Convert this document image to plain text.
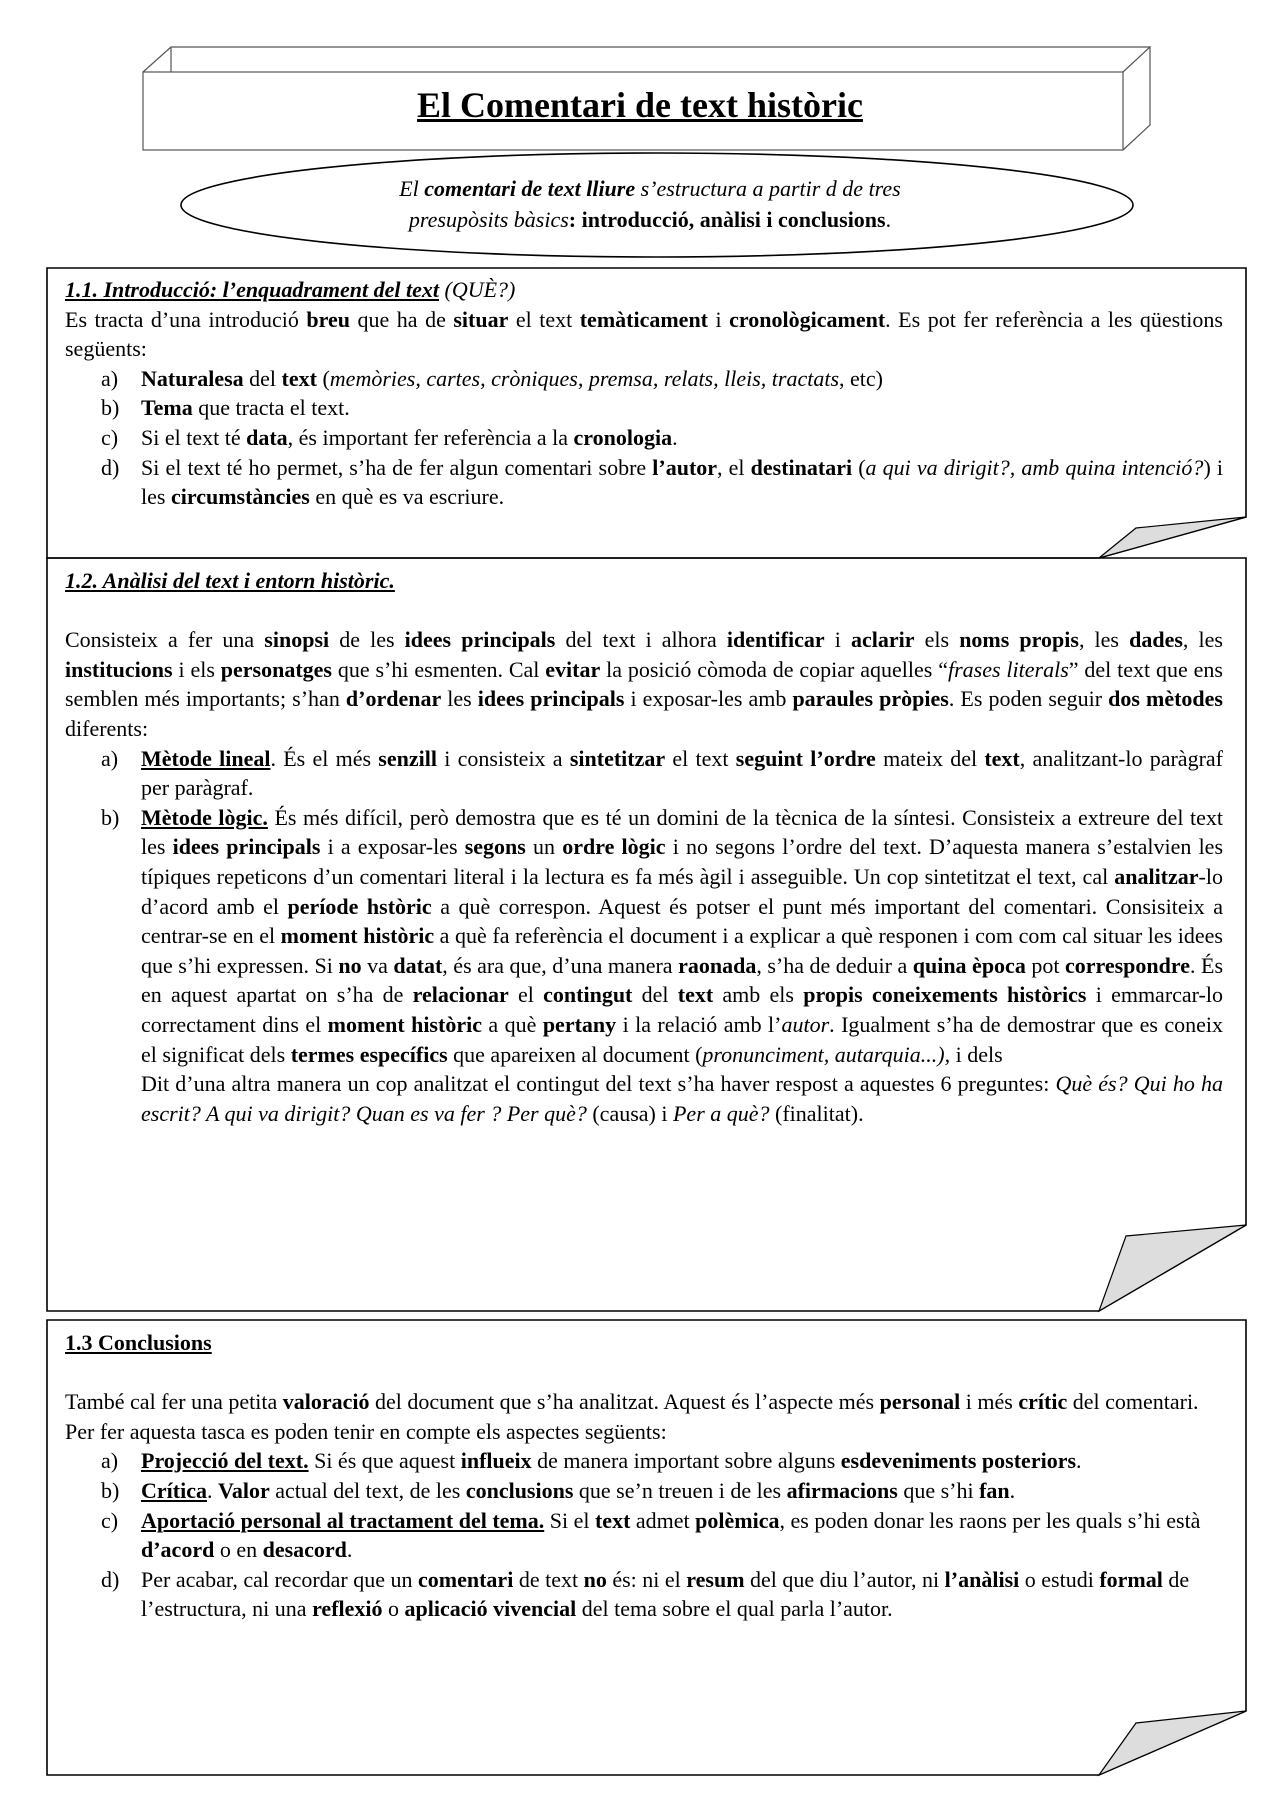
El Comentari de text històric
El comentari de text lliure s’estructura a partir d de tres
presupòsits bàsics: introducció, anàlisi i conclusions.

1.1. Introducció: l’enquadrament del text (QUÈ?)

Es tracta d’una introdució breu que ha de situar el text temàticament i cronològicament. Es pot fer referència a les qüestions següents:

a) Naturalesa del text (memòries, cartes, cròniques, premsa, relats, lleis, tractats, etc)
b) Tema que tracta el text.
c) Si el text té data, és important fer referència a la cronologia.
d) Si el text té ho permet, s’ha de fer algun comentari sobre l’autor, el destinatari (a qui va dirigit?, amb quina intenció?) i les circumstàncies en què es va escriure.

1.2. Anàlisi del text i entorn històric.

Consisteix a fer una sinopsi de les idees principals del text i alhora identificar i aclarir els noms propis, les dades, les institucions i els personatges que s’hi esmenten. Cal evitar la posició còmoda de copiar aquelles “frases literals” del text que ens semblen més importants; s’han d’ordenar les idees principals i exposar-les amb paraules pròpies. Es poden seguir dos mètodes diferents:

a) Mètode lineal. És el més senzill i consisteix a sintetitzar el text seguint l’ordre mateix del text, analitzant-lo paràgraf per paràgraf.
b) Mètode lògic. És més difícil, però demostra que es té un domini de la tècnica de la síntesi. Consisteix a extreure del text les idees principals i a exposar-les segons un ordre lògic i no segons l’ordre del text. D’aquesta manera s’estalvien les típiques repeticons d’un comentari literal i la lectura es fa més àgil i asseguible. Un cop sintetitzat el text, cal analitzar-lo d’acord amb el període hstòric a què correspon. Aquest és potser el punt més important del comentari. Consisiteix a centrar-se en el moment històric a què fa referència el document i a explicar a què responen i com com cal situar les idees que s’hi expressen. Si no va datat, és ara que, d’una manera raonada, s’ha de deduir a quina època pot correspondre. És en aquest apartat on s’ha de relacionar el contingut del text amb els propis coneixements històrics i emmarcar-lo correctament dins el moment històric a què pertany i la relació amb l’autor. Igualment s’ha de demostrar que es coneix el significat dels termes específics que apareixen al document (pronunciment, autarquia...), i dels
Dit d’una altra manera un cop analitzat el contingut del text s’ha haver respost a aquestes 6 preguntes: Què és? Qui ho ha escrit? A qui va dirigit? Quan es va fer ? Per què? (causa) i Per a què? (finalitat).

1.3 Conclusions

També cal fer una petita valoració del document que s’ha analitzat. Aquest és l’aspecte més personal i més crític del comentari. Per fer aquesta tasca es poden tenir en compte els aspectes següents:

a) Projecció del text. Si és que aquest influeix de manera important sobre alguns esdeveniments posteriors.
b) Crítica. Valor actual del text, de les conclusions que se’n treuen i de les afirmacions que s’hi fan.
c) Aportació personal al tractament del tema. Si el text admet polèmica, es poden donar les raons per les quals s’hi està d’acord o en desacord.
d) Per acabar, cal recordar que un comentari de text no és: ni el resum del que diu l’autor, ni l’anàlisi o estudi formal de l’estructura, ni una reflexió o aplicació vivencial del tema sobre el qual parla l’autor.
